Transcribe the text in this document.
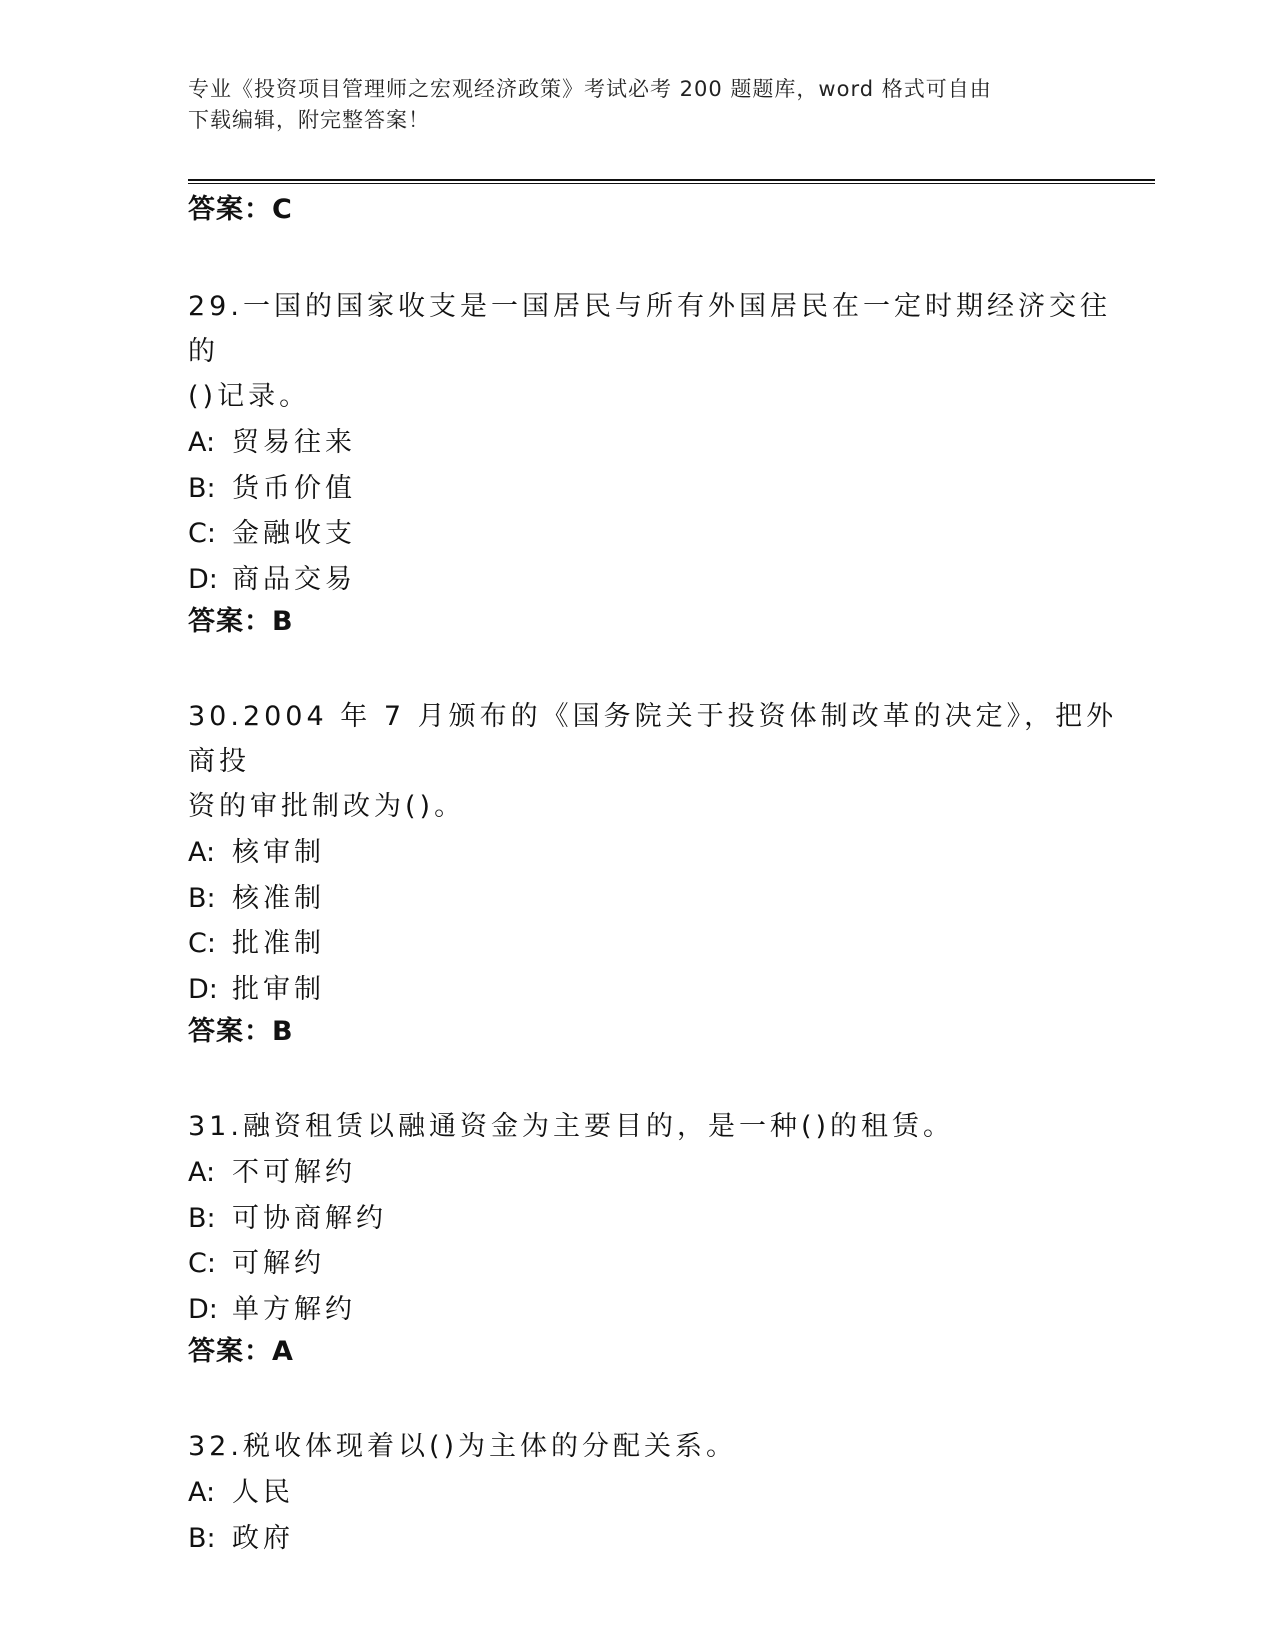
专业《投资项目管理师之宏观经济政策》考试必考 200 题题库，word 格式可自由
下载编辑，附完整答案！
答案：C
29.一国的国家收支是一国居民与所有外国居民在一定时期经济交往的
()记录。
A: 贸易往来
B: 货币价值
C: 金融收支
D: 商品交易
答案：B
30.2004 年 7 月颁布的《国务院关于投资体制改革的决定》，把外商投
资的审批制改为()。
A: 核审制
B: 核准制
C: 批准制
D: 批审制
答案：B
31.融资租赁以融通资金为主要目的，是一种()的租赁。
A: 不可解约
B: 可协商解约
C: 可解约
D: 单方解约
答案：A
32.税收体现着以()为主体的分配关系。
A: 人民
B: 政府
